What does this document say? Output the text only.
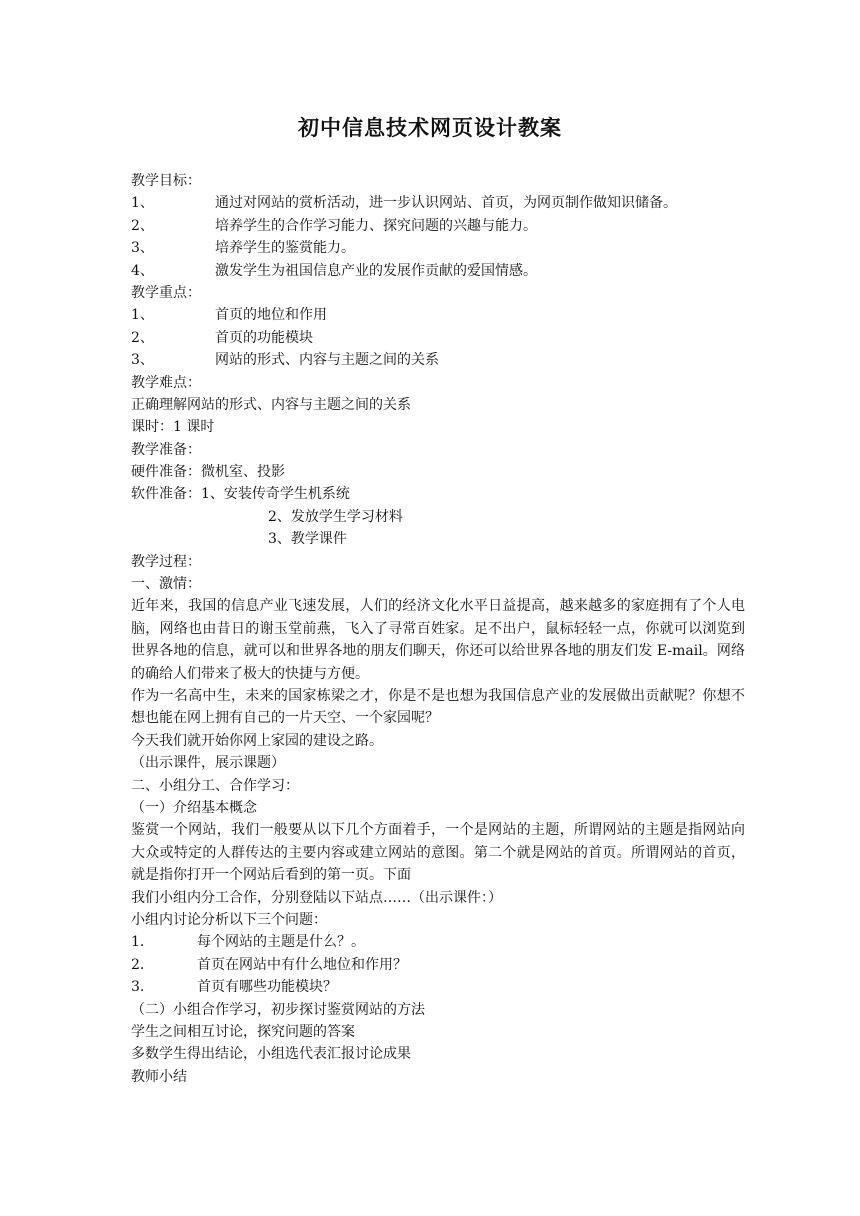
初中信息技术网页设计教案
教学目标：
1、	通过对网站的赏析活动，进一步认识网站、首页，为网页制作做知识储备。
2、	培养学生的合作学习能力、探究问题的兴趣与能力。
3、	培养学生的鉴赏能力。
4、	激发学生为祖国信息产业的发展作贡献的爱国情感。
教学重点：
1、	首页的地位和作用
2、	首页的功能模块
3、	网站的形式、内容与主题之间的关系
教学难点：
正确理解网站的形式、内容与主题之间的关系
课时：1 课时
教学准备：
硬件准备：微机室、投影
软件准备：1、安装传奇学生机系统
2、发放学生学习材料
3、教学课件
教学过程：
一、激情：
近年来，我国的信息产业飞速发展，人们的经济文化水平日益提高，越来越多的家庭拥有了个人电脑，网络也由昔日的谢玉堂前燕，飞入了寻常百姓家。足不出户，鼠标轻轻一点，你就可以浏览到世界各地的信息，就可以和世界各地的朋友们聊天，你还可以给世界各地的朋友们发 E-mail。网络的确给人们带来了极大的快捷与方便。
作为一名高中生，未来的国家栋梁之才，你是不是也想为我国信息产业的发展做出贡献呢？你想不想也能在网上拥有自己的一片天空、一个家园呢？
今天我们就开始你网上家园的建设之路。
（出示课件，展示课题）
二、小组分工、合作学习：
（一）介绍基本概念
鉴赏一个网站，我们一般要从以下几个方面着手，一个是网站的主题，所谓网站的主题是指网站向大众或特定的人群传达的主要内容或建立网站的意图。第二个就是网站的首页。所谓网站的首页，就是指你打开一个网站后看到的第一页。下面
我们小组内分工合作，分别登陆以下站点……（出示课件：）
小组内讨论分析以下三个问题：
1.	每个网站的主题是什么？。
2.	首页在网站中有什么地位和作用？
3.	首页有哪些功能模块？
（二）小组合作学习，初步探讨鉴赏网站的方法
学生之间相互讨论，探究问题的答案
多数学生得出结论，小组选代表汇报讨论成果
教师小结
